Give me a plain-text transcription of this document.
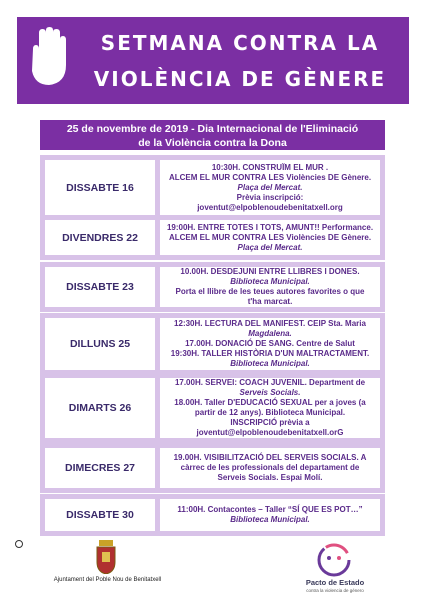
SETMANA CONTRA LA
VIOLÈNCIA DE GÈNERE
25 de novembre de 2019 - Dia Internacional de l'Eliminació
de la Violència contra la Dona
DISSABTE 16
10:30H. CONSTRUÏM EL MUR .
ALCEM EL MUR CONTRA LES Violències DE Gènere.
Plaça del Mercat.
Prèvia inscripció:
joventut@elpoblenoudebenitatxell.org
DIVENDRES 22
19:00H. ENTRE TOTES I TOTS, AMUNT!! Performance.
ALCEM EL MUR CONTRA LES Violències DE Gènere.
Plaça del Mercat.
DISSABTE 23
10.00H. DESDEJUNI ENTRE LLIBRES I DONES.
Biblioteca Municipal.
Porta el llibre de les teues autores favorites o que
t'ha marcat.
DILLUNS 25
12:30H. LECTURA DEL MANIFEST. CEIP Sta. Maria
Magdalena.
17.00H. DONACIÓ DE SANG. Centre de Salut
19:30H. TALLER HISTÒRIA D'UN MALTRACTAMENT.
Biblioteca Municipal.
DIMARTS 26
17.00H. SERVEI: COACH JUVENIL. Department de
Serveis Socials.
18.00H. Taller D'EDUCACIÓ SEXUAL per a joves (a
partir de 12 anys). Biblioteca Municipal.
INSCRIPCIÓ prèvia a
joventut@elpoblenoudebenitatxell.orG
DIMECRES 27
19.00H. VISIBILITZACIÓ DEL SERVEIS SOCIALS. A
càrrec de les professionals del departament de
Serveis Socials. Espai Molí.
DISSABTE 30	11:00H. Contacontes – Taller “SÍ QUE ES POT…”
Biblioteca Municipal.
Ajuntament del Poble Nou de Benitatxell	Pacto de Estado
contra la violencia de género
